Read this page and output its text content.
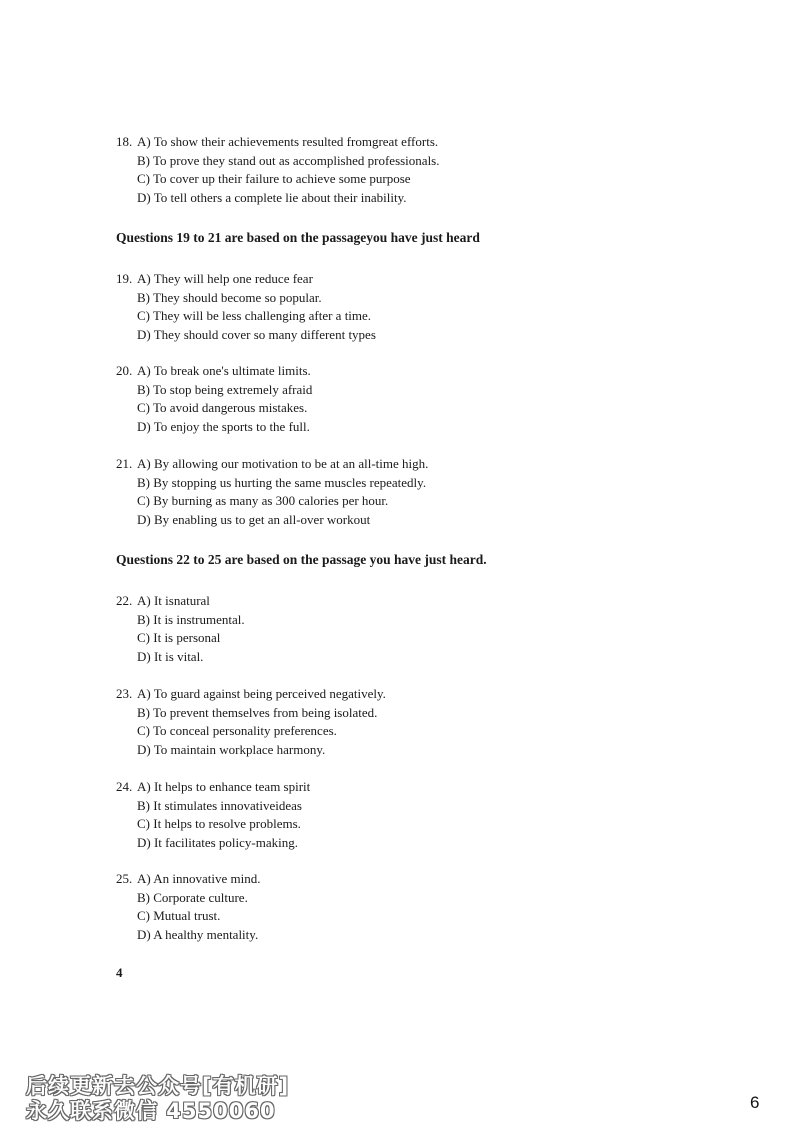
18. A) To show their achievements resulted fromgreat efforts.
B) To prove they stand out as accomplished professionals.
C) To cover up their failure to achieve some purpose
D) To tell others a complete lie about their inability.
Questions 19 to 21 are based on the passageyou have just heard
19. A) They will help one reduce fear
B) They should become so popular.
C) They will be less challenging after a time.
D) They should cover so many different types
20. A) To break one's ultimate limits.
B) To stop being extremely afraid
C) To avoid dangerous mistakes.
D) To enjoy the sports to the full.
21. A) By allowing our motivation to be at an all-time high.
B) By stopping us hurting the same muscles repeatedly.
C) By burning as many as 300 calories per hour.
D) By enabling us to get an all-over workout
Questions 22 to 25 are based on the passage you have just heard.
22. A) It isnatural
B) It is instrumental.
C) It is personal
D) It is vital.
23. A) To guard against being perceived negatively.
B) To prevent themselves from being isolated.
C) To conceal personality preferences.
D) To maintain workplace harmony.
24. A) It helps to enhance team spirit
B) It stimulates innovativeideas
C) It helps to resolve problems.
D) It facilitates policy-making.
25. A) An innovative mind.
B) Corporate culture.
C) Mutual trust.
D) A healthy mentality.
4
后续更新去公众号[有机研]
永久联系微信 4550060	6
